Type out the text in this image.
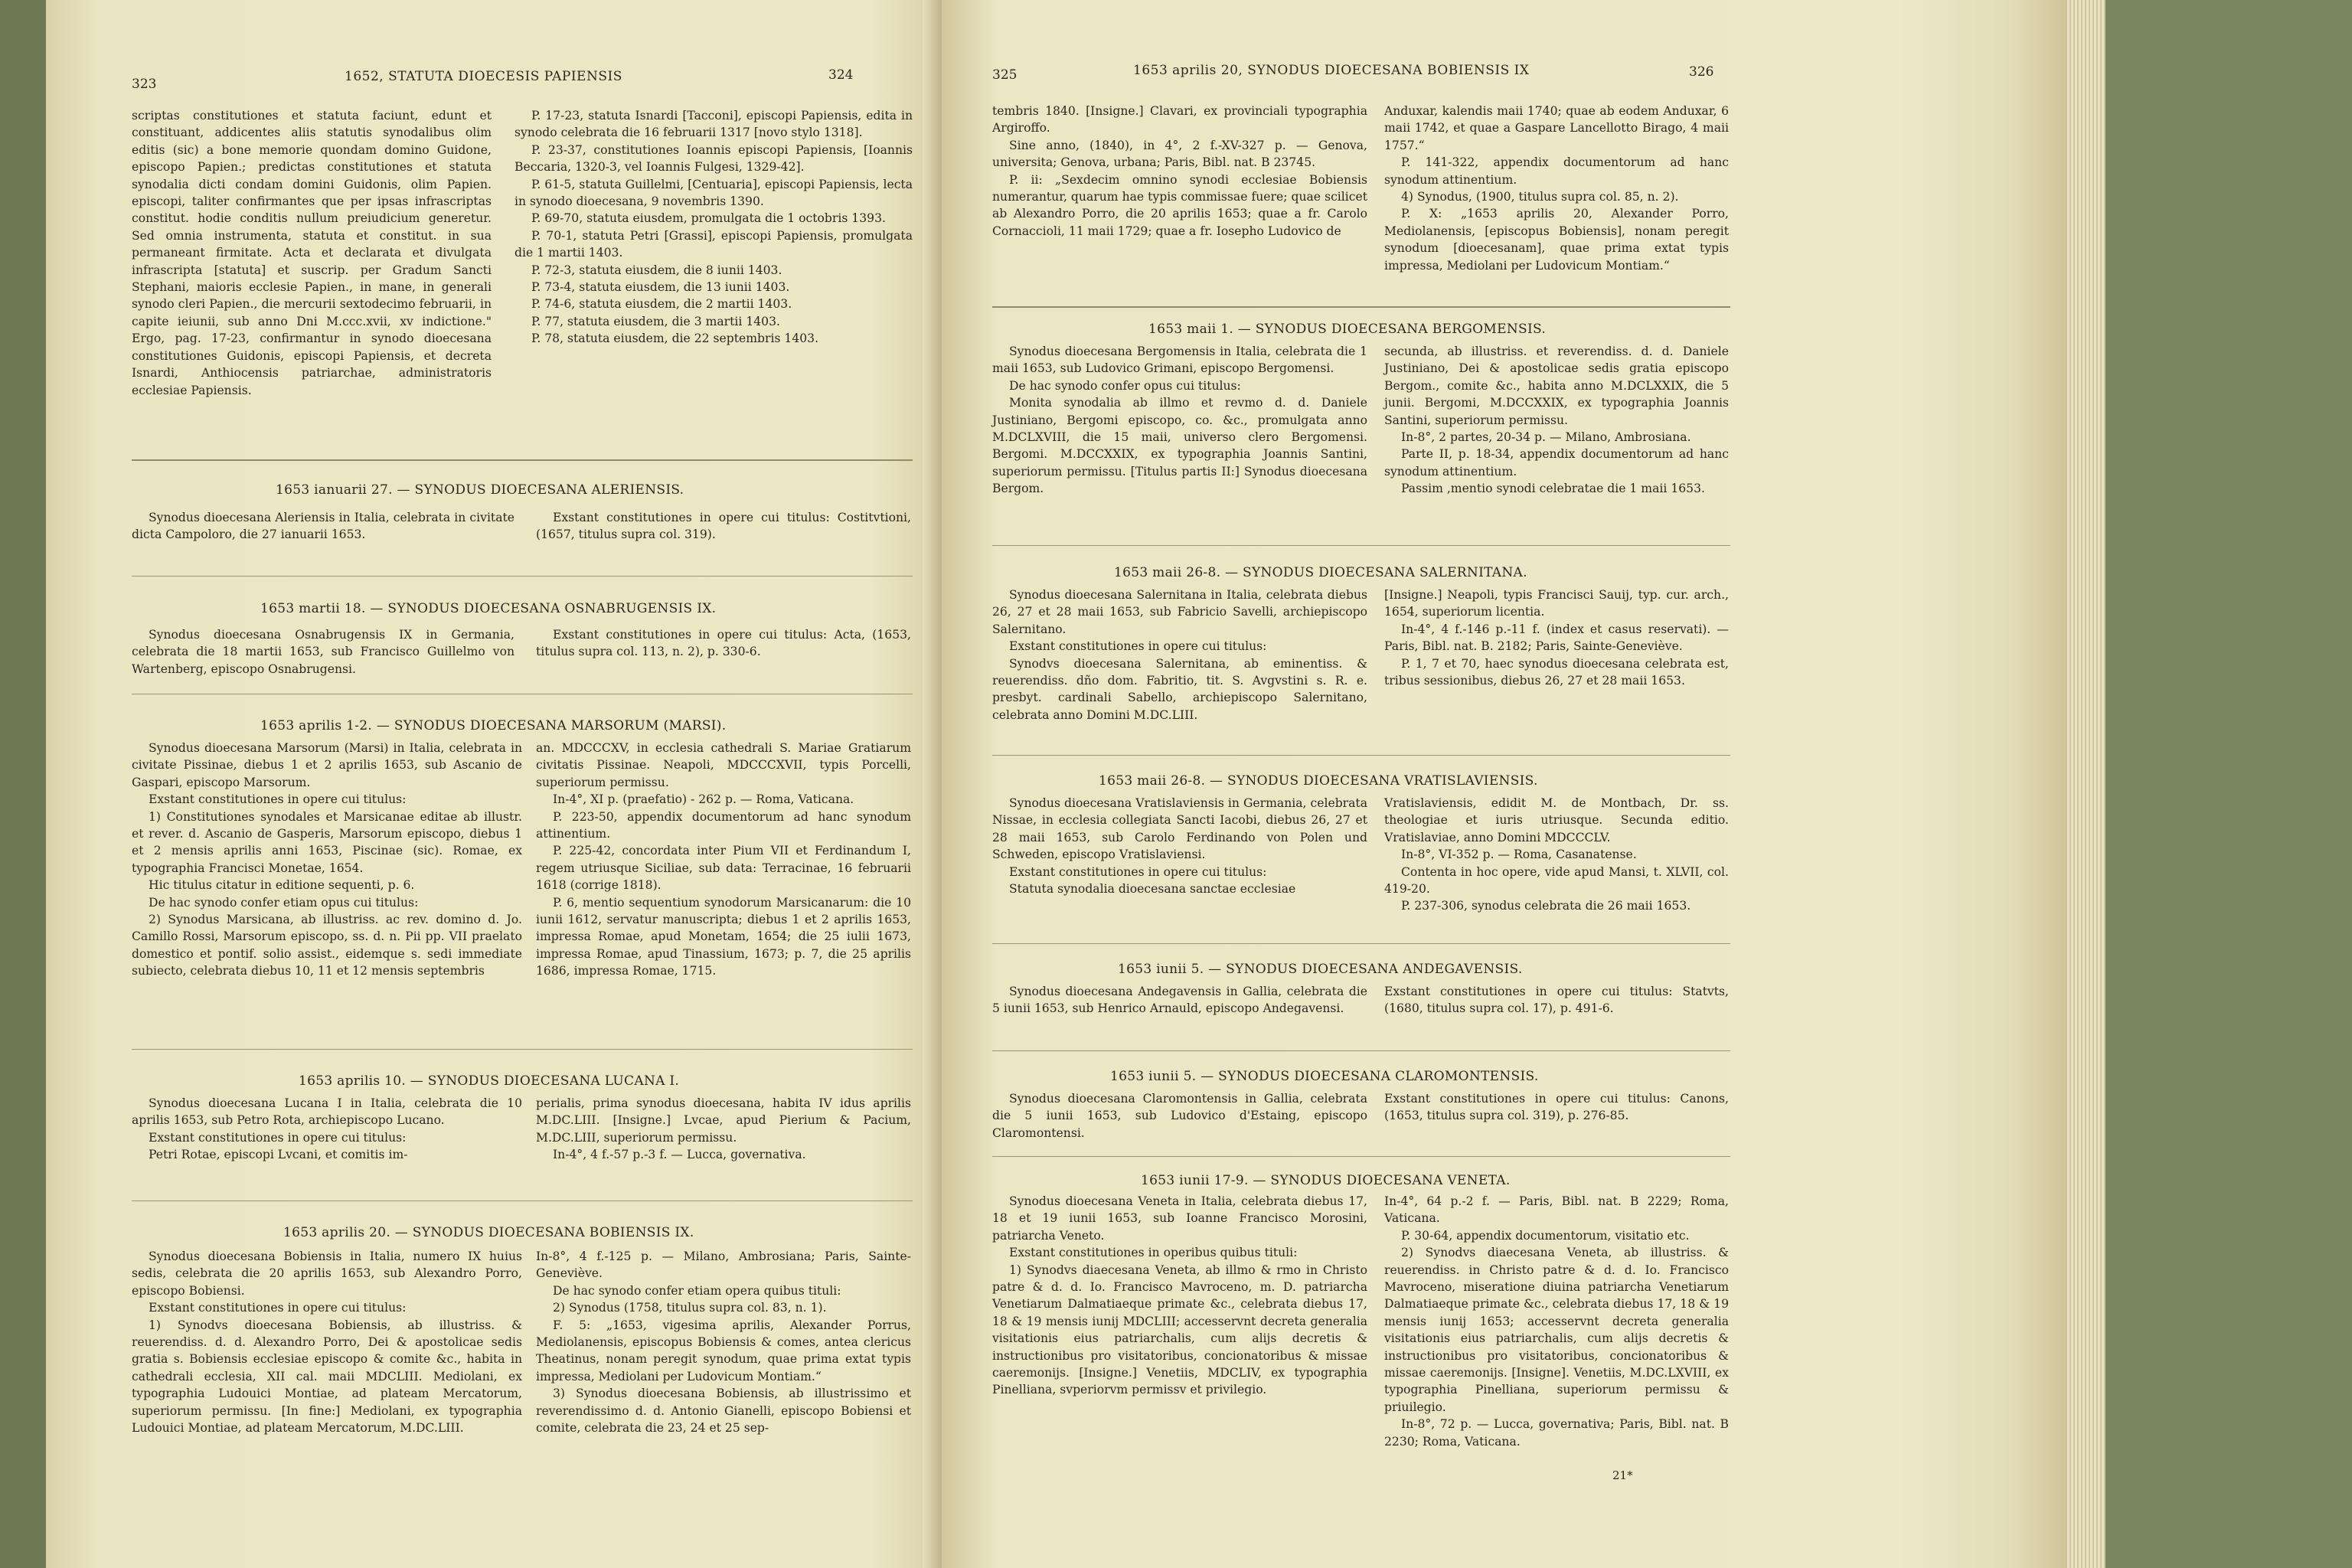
323	1652, STATUTA DIOECESIS PAPIENSIS	324

scriptas constitutiones et statuta faciunt, edunt et constituant, addicentes aliis statutis synodalibus olim editis (sic) a bone memorie quondam domino Guidone, episcopo Papien.; predictas constitutiones et statuta synodalia dicti condam domini Guidonis, olim Papien. episcopi, taliter confirmantes que per ipsas infrascriptas constitut. hodie conditis nullum preiudicium generetur. Sed omnia instrumenta, statuta et constitut. in sua permaneant firmitate. Acta et declarata et divulgata infrascripta [statuta] et suscrip. per Gradum Sancti Stephani, maioris ecclesie Papien., in mane, in generali synodo cleri Papien., die mercurii sextodecimo februarii, in capite ieiunii, sub anno Dni M.ccc.xvii, xv indictione." Ergo, pag. 17-23, confirmantur in synodo dioecesana constitutiones Guidonis, episcopi Papiensis, et decreta Isnardi, Anthiocensis patriarchae, administratoris ecclesiae Papiensis.

P. 17-23, statuta Isnardi [Tacconi], episcopi Papiensis, edita in synodo celebrata die 16 februarii 1317 [novo stylo 1318].

P. 23-37, constitutiones Ioannis episcopi Papiensis, [Ioannis Beccaria, 1320-3, vel Ioannis Fulgesi, 1329-42].

P. 61-5, statuta Guillelmi, [Centuaria], episcopi Papiensis, lecta in synodo dioecesana, 9 novembris 1390.

P. 69-70, statuta eiusdem, promulgata die 1 octobris 1393.

P. 70-1, statuta Petri [Grassi], episcopi Papiensis, promulgata die 1 martii 1403.

P. 72-3, statuta eiusdem, die 8 iunii 1403.

P. 73-4, statuta eiusdem, die 13 iunii 1403.

P. 74-6, statuta eiusdem, die 2 martii 1403.

P. 77, statuta eiusdem, die 3 martii 1403.

P. 78, statuta eiusdem, die 22 septembris 1403.

1653 ianuarii 27. — SYNODUS DIOECESANA ALERIENSIS.

Synodus dioecesana Aleriensis in Italia, celebrata in civitate dicta Campoloro, die 27 ianuarii 1653.

Exstant constitutiones in opere cui titulus: Costitvtioni, (1657, titulus supra col. 319).

1653 martii 18. — SYNODUS DIOECESANA OSNABRUGENSIS IX.

Synodus dioecesana Osnabrugensis IX in Germania, celebrata die 18 martii 1653, sub Francisco Guillelmo von Wartenberg, episcopo Osnabrugensi.

Exstant constitutiones in opere cui titulus: Acta, (1653, titulus supra col. 113, n. 2), p. 330-6.

1653 aprilis 1-2. — SYNODUS DIOECESANA MARSORUM (MARSI).

Synodus dioecesana Marsorum (Marsi) in Italia, celebrata in civitate Pissinae, diebus 1 et 2 aprilis 1653, sub Ascanio de Gaspari, episcopo Marsorum.

Exstant constitutiones in opere cui titulus:

1) Constitutiones synodales et Marsicanae editae ab illustr. et rever. d. Ascanio de Gasperis, Marsorum episcopo, diebus 1 et 2 mensis aprilis anni 1653, Piscinae (sic). Romae, ex typographia Francisci Monetae, 1654.

Hic titulus citatur in editione sequenti, p. 6.

De hac synodo confer etiam opus cui titulus:

2) Synodus Marsicana, ab illustriss. ac rev. domino d. Jo. Camillo Rossi, Marsorum episcopo, ss. d. n. Pii pp. VII praelato domestico et pontif. solio assist., eidemque s. sedi immediate subiecto, celebrata diebus 10, 11 et 12 mensis septembris

an. MDCCCXV, in ecclesia cathedrali S. Mariae Gratiarum civitatis Pissinae. Neapoli, MDCCCXVII, typis Porcelli, superiorum permissu.

In-4°, XI p. (praefatio) - 262 p. — Roma, Vaticana.

P. 223-50, appendix documentorum ad hanc synodum attinentium.

P. 225-42, concordata inter Pium VII et Ferdinandum I, regem utriusque Siciliae, sub data: Terracinae, 16 februarii 1618 (corrige 1818).

P. 6, mentio sequentium synodorum Marsicanarum: die 10 iunii 1612, servatur manuscripta; diebus 1 et 2 aprilis 1653, impressa Romae, apud Monetam, 1654; die 25 iulii 1673, impressa Romae, apud Tinassium, 1673; p. 7, die 25 aprilis 1686, impressa Romae, 1715.

1653 aprilis 10. — SYNODUS DIOECESANA LUCANA I.

Synodus dioecesana Lucana I in Italia, celebrata die 10 aprilis 1653, sub Petro Rota, archiepiscopo Lucano.

Exstant constitutiones in opere cui titulus:

Petri Rotae, episcopi Lvcani, et comitis im-

perialis, prima synodus dioecesana, habita IV idus aprilis M.DC.LIII. [Insigne.] Lvcae, apud Pierium & Pacium, M.DC.LIII, superiorum permissu.

In-4°, 4 f.-57 p.-3 f. — Lucca, governativa.

1653 aprilis 20. — SYNODUS DIOECESANA BOBIENSIS IX.

Synodus dioecesana Bobiensis in Italia, numero IX huius sedis, celebrata die 20 aprilis 1653, sub Alexandro Porro, episcopo Bobiensi.

Exstant constitutiones in opere cui titulus:

1) Synodvs dioecesana Bobiensis, ab illustriss. & reuerendiss. d. d. Alexandro Porro, Dei & apostolicae sedis gratia s. Bobiensis ecclesiae episcopo & comite &c., habita in cathedrali ecclesia, XII cal. maii MDCLIII. Mediolani, ex typographia Ludouici Montiae, ad plateam Mercatorum, superiorum permissu. [In fine:] Mediolani, ex typographia Ludouici Montiae, ad plateam Mercatorum, M.DC.LIII.

In-8°, 4 f.-125 p. — Milano, Ambrosiana; Paris, Sainte-Geneviève.

De hac synodo confer etiam opera quibus tituli:

2) Synodus (1758, titulus supra col. 83, n. 1).

F. 5: „1653, vigesima aprilis, Alexander Porrus, Mediolanensis, episcopus Bobiensis & comes, antea clericus Theatinus, nonam peregit synodum, quae prima extat typis impressa, Mediolani per Ludovicum Montiam.“

3) Synodus dioecesana Bobiensis, ab illustrissimo et reverendissimo d. d. Antonio Gianelli, episcopo Bobiensi et comite, celebrata die 23, 24 et 25 sep-

325	1653 aprilis 20, SYNODUS DIOECESANA BOBIENSIS IX	326

tembris 1840. [Insigne.] Clavari, ex provinciali typographia Argiroffo.

Sine anno, (1840), in 4°, 2 f.-XV-327 p. — Genova, universita; Genova, urbana; Paris, Bibl. nat. B 23745.

P. ii: „Sexdecim omnino synodi ecclesiae Bobiensis numerantur, quarum hae typis commissae fuere; quae scilicet ab Alexandro Porro, die 20 aprilis 1653; quae a fr. Carolo Cornaccioli, 11 maii 1729; quae a fr. Iosepho Ludovico de

Anduxar, kalendis maii 1740; quae ab eodem Anduxar, 6 maii 1742, et quae a Gaspare Lancellotto Birago, 4 maii 1757.“

P. 141-322, appendix documentorum ad hanc synodum attinentium.

4) Synodus, (1900, titulus supra col. 85, n. 2).

P. X: „1653 aprilis 20, Alexander Porro, Mediolanensis, [episcopus Bobiensis], nonam peregit synodum [dioecesanam], quae prima extat typis impressa, Mediolani per Ludovicum Montiam.“

1653 maii 1. — SYNODUS DIOECESANA BERGOMENSIS.

Synodus dioecesana Bergomensis in Italia, celebrata die 1 maii 1653, sub Ludovico Grimani, episcopo Bergomensi.

De hac synodo confer opus cui titulus:

Monita synodalia ab illmo et revmo d. d. Daniele Justiniano, Bergomi episcopo, co. &c., promulgata anno M.DCLXVIII, die 15 maii, universo clero Bergomensi. Bergomi. M.DCCXXIX, ex typographia Joannis Santini, superiorum permissu. [Titulus partis II:] Synodus dioecesana Bergom.

secunda, ab illustriss. et reverendiss. d. d. Daniele Justiniano, Dei & apostolicae sedis gratia episcopo Bergom., comite &c., habita anno M.DCLXXIX, die 5 junii. Bergomi, M.DCCXXIX, ex typographia Joannis Santini, superiorum permissu.

In-8°, 2 partes, 20-34 p. — Milano, Ambrosiana.

Parte II, p. 18-34, appendix documentorum ad hanc synodum attinentium.

Passim ,mentio synodi celebratae die 1 maii 1653.

1653 maii 26-8. — SYNODUS DIOECESANA SALERNITANA.

Synodus dioecesana Salernitana in Italia, celebrata diebus 26, 27 et 28 maii 1653, sub Fabricio Savelli, archiepiscopo Salernitano.

Exstant constitutiones in opere cui titulus:

Synodvs dioecesana Salernitana, ab eminentiss. & reuerendiss. dño dom. Fabritio, tit. S. Avgvstini s. R. e. presbyt. cardinali Sabello, archiepiscopo Salernitano, celebrata anno Domini M.DC.LIII.

[Insigne.] Neapoli, typis Francisci Sauij, typ. cur. arch., 1654, superiorum licentia.

In-4°, 4 f.-146 p.-11 f. (index et casus reservati). — Paris, Bibl. nat. B. 2182; Paris, Sainte-Geneviève.

P. 1, 7 et 70, haec synodus dioecesana celebrata est, tribus sessionibus, diebus 26, 27 et 28 maii 1653.

1653 maii 26-8. — SYNODUS DIOECESANA VRATISLAVIENSIS.

Synodus dioecesana Vratislaviensis in Germania, celebrata Nissae, in ecclesia collegiata Sancti Iacobi, diebus 26, 27 et 28 maii 1653, sub Carolo Ferdinando von Polen und Schweden, episcopo Vratislaviensi.

Exstant constitutiones in opere cui titulus:

Statuta synodalia dioecesana sanctae ecclesiae

Vratislaviensis, edidit M. de Montbach, Dr. ss. theologiae et iuris utriusque. Secunda editio. Vratislaviae, anno Domini MDCCCLV.

In-8°, VI-352 p. — Roma, Casanatense.

Contenta in hoc opere, vide apud Mansi, t. XLVII, col. 419-20.

P. 237-306, synodus celebrata die 26 maii 1653.

1653 iunii 5. — SYNODUS DIOECESANA ANDEGAVENSIS.

Synodus dioecesana Andegavensis in Gallia, celebrata die 5 iunii 1653, sub Henrico Arnauld, episcopo Andegavensi.

Exstant constitutiones in opere cui titulus: Statvts, (1680, titulus supra col. 17), p. 491-6.

1653 iunii 5. — SYNODUS DIOECESANA CLAROMONTENSIS.

Synodus dioecesana Claromontensis in Gallia, celebrata die 5 iunii 1653, sub Ludovico d'Estaing, episcopo Claromontensi.

Exstant constitutiones in opere cui titulus: Canons, (1653, titulus supra col. 319), p. 276-85.

1653 iunii 17-9. — SYNODUS DIOECESANA VENETA.

Synodus dioecesana Veneta in Italia, celebrata diebus 17, 18 et 19 iunii 1653, sub Ioanne Francisco Morosini, patriarcha Veneto.

Exstant constitutiones in operibus quibus tituli:

1) Synodvs diaecesana Veneta, ab illmo & rmo in Christo patre & d. d. Io. Francisco Mavroceno, m. D. patriarcha Venetiarum Dalmatiaeque primate &c., celebrata diebus 17, 18 & 19 mensis iunij MDCLIII; accesservnt decreta generalia visitationis eius patriarchalis, cum alijs decretis & instructionibus pro visitatoribus, concionatoribus & missae caeremonijs. [Insigne.] Venetiis, MDCLIV, ex typographia Pinelliana, svperiorvm permissv et privilegio.

In-4°, 64 p.-2 f. — Paris, Bibl. nat. B 2229; Roma, Vaticana.

P. 30-64, appendix documentorum, visitatio etc.

2) Synodvs diaecesana Veneta, ab illustriss. & reuerendiss. in Christo patre & d. d. Io. Francisco Mavroceno, miseratione diuina patriarcha Venetiarum Dalmatiaeque primate &c., celebrata diebus 17, 18 & 19 mensis iunij 1653; accesservnt decreta generalia visitationis eius patriarchalis, cum alijs decretis & instructionibus pro visitatoribus, concionatoribus & missae caeremonijs. [Insigne]. Venetiis, M.DC.LXVIII, ex typographia Pinelliana, superiorum permissu & priuilegio.

In-8°, 72 p. — Lucca, governativa; Paris, Bibl. nat. B 2230; Roma, Vaticana.

21*
